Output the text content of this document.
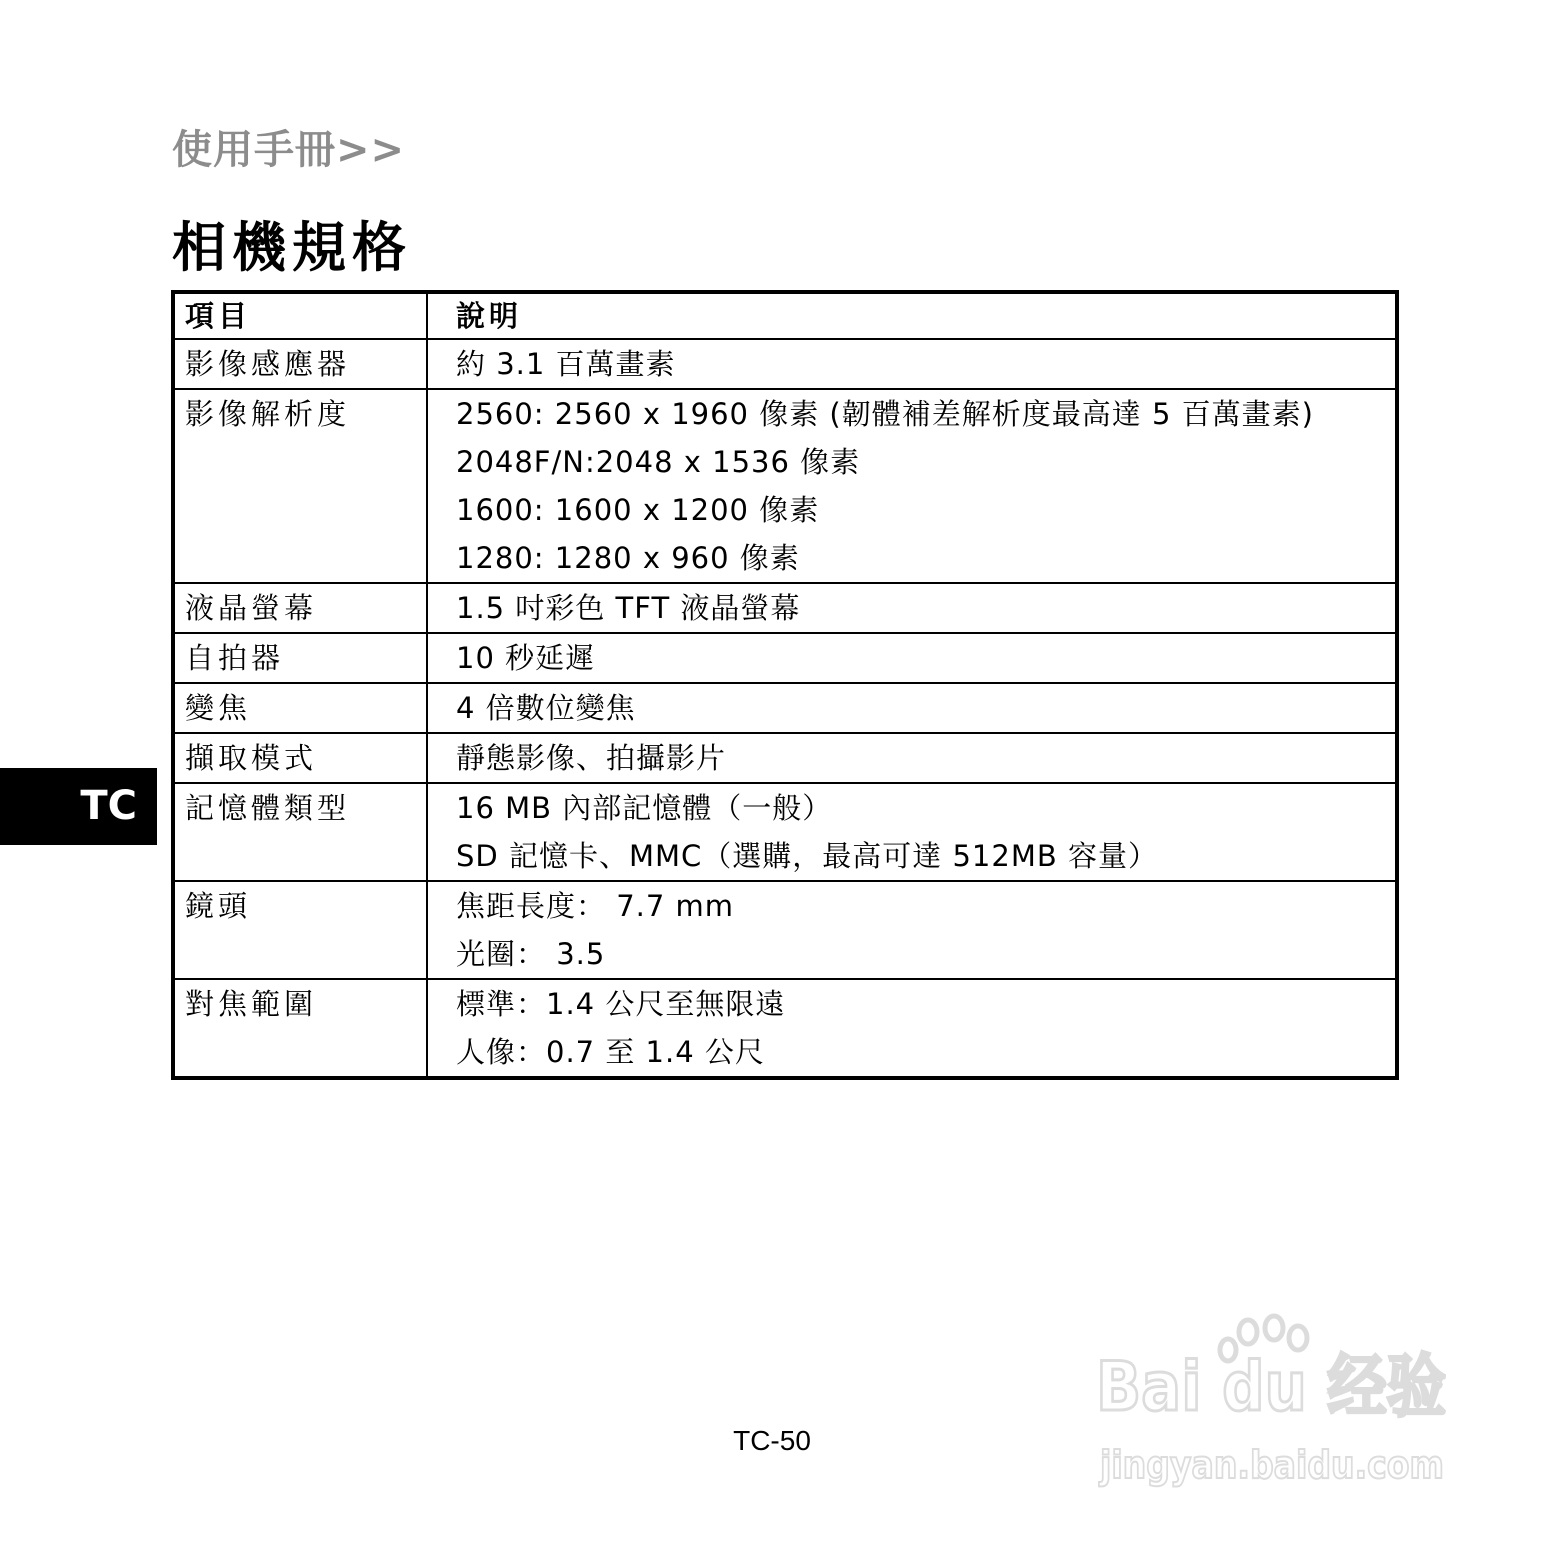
使用手冊>>
相機規格
項目	說明
影像感應器	約 3.1 百萬畫素

影像解析度	2560: 2560 x 1960 像素 (韌體補差解析度最高達 5 百萬畫素)
2048F/N:2048 x 1536 像素
1600: 1600 x 1200 像素
1280: 1280 x 960 像素

液晶螢幕	1.5 吋彩色 TFT 液晶螢幕

自拍器	10 秒延遲

變焦	4 倍數位變焦

擷取模式	靜態影像、拍攝影片

記憶體類型	16 MB 內部記憶體（一般）
SD 記憶卡、MMC（選購，最高可達 512MB 容量）

鏡頭	焦距長度： 7.7 mm
光圈： 3.5

對焦範圍	標準：1.4 公尺至無限遠
人像：0.7 至 1.4 公尺
TC
TC-50
Bai du 经验
jingyan.baidu.com
